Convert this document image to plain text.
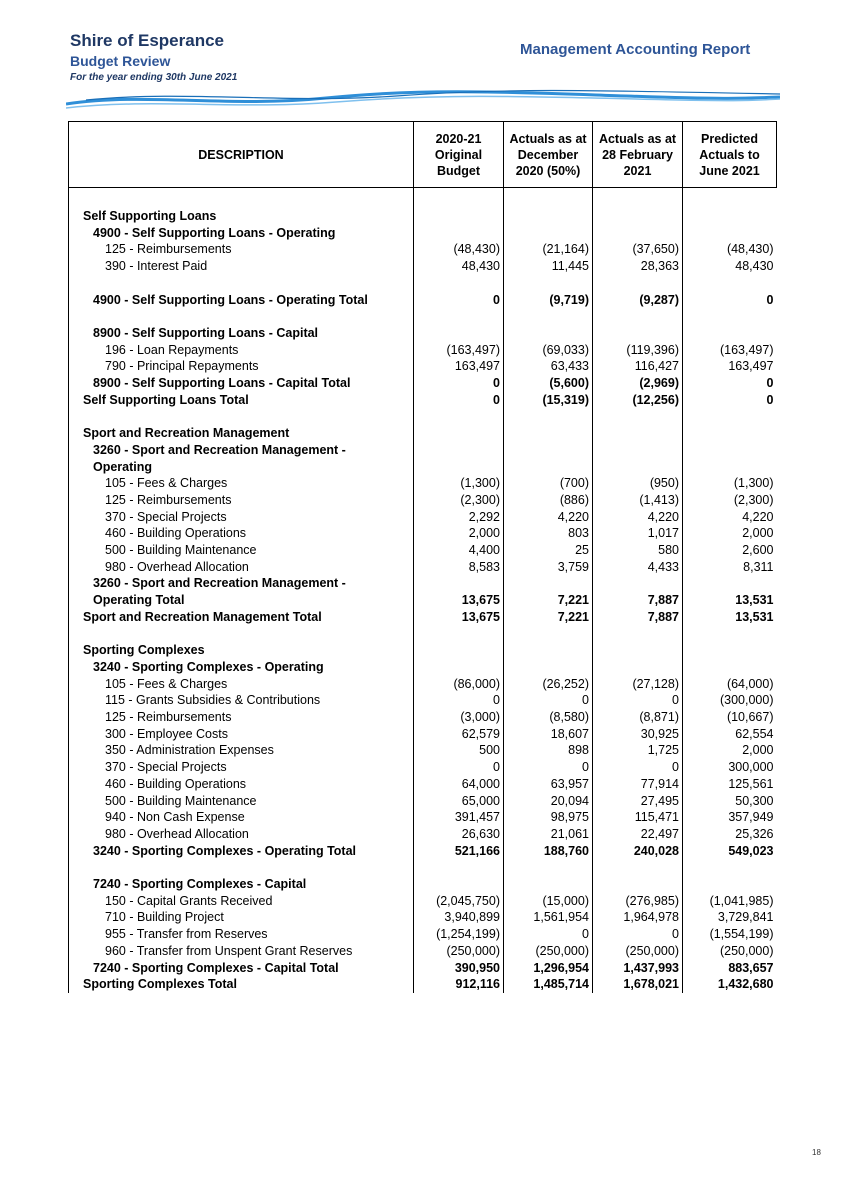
Shire of Esperance
Budget Review
For the year ending 30th June 2021
Management Accounting Report
DESCRIPTION	2020-21
Original
Budget	Actuals as at
December
2020 (50%)	Actuals as at
28 February
2021	Predicted
Actuals to
June 2021

Self Supporting Loans				
4900 - Self Supporting Loans - Operating				
125 - Reimbursements	(48,430)	(21,164)	(37,650)	(48,430)
390 - Interest Paid	48,430	11,445	28,363	48,430

4900 - Self Supporting Loans - Operating Total	0	(9,719)	(9,287)	0

8900 - Self Supporting Loans - Capital				
196 - Loan Repayments	(163,497)	(69,033)	(119,396)	(163,497)
790 - Principal Repayments	163,497	63,433	116,427	163,497
8900 - Self Supporting Loans - Capital Total	0	(5,600)	(2,969)	0
Self Supporting Loans Total	0	(15,319)	(12,256)	0

Sport and Recreation Management				
3260 - Sport and Recreation Management -				
Operating				
105 - Fees & Charges	(1,300)	(700)	(950)	(1,300)
125 - Reimbursements	(2,300)	(886)	(1,413)	(2,300)
370 - Special Projects	2,292	4,220	4,220	4,220
460 - Building Operations	2,000	803	1,017	2,000
500 - Building Maintenance	4,400	25	580	2,600
980 - Overhead Allocation	8,583	3,759	4,433	8,311
3260 - Sport and Recreation Management -				
Operating Total	13,675	7,221	7,887	13,531
Sport and Recreation Management Total	13,675	7,221	7,887	13,531

Sporting Complexes				
3240 - Sporting Complexes - Operating				
105 - Fees & Charges	(86,000)	(26,252)	(27,128)	(64,000)
115 - Grants Subsidies & Contributions	0	0	0	(300,000)
125 - Reimbursements	(3,000)	(8,580)	(8,871)	(10,667)
300 - Employee Costs	62,579	18,607	30,925	62,554
350 - Administration Expenses	500	898	1,725	2,000
370 - Special Projects	0	0	0	300,000
460 - Building Operations	64,000	63,957	77,914	125,561
500 - Building Maintenance	65,000	20,094	27,495	50,300
940 - Non Cash Expense	391,457	98,975	115,471	357,949
980 - Overhead Allocation	26,630	21,061	22,497	25,326
3240 - Sporting Complexes - Operating Total	521,166	188,760	240,028	549,023

7240 - Sporting Complexes - Capital				
150 - Capital Grants Received	(2,045,750)	(15,000)	(276,985)	(1,041,985)
710 - Building Project	3,940,899	1,561,954	1,964,978	3,729,841
955 - Transfer from Reserves	(1,254,199)	0	0	(1,554,199)
960 - Transfer from Unspent Grant Reserves	(250,000)	(250,000)	(250,000)	(250,000)
7240 - Sporting Complexes - Capital Total	390,950	1,296,954	1,437,993	883,657
Sporting Complexes Total	912,116	1,485,714	1,678,021	1,432,680
18
